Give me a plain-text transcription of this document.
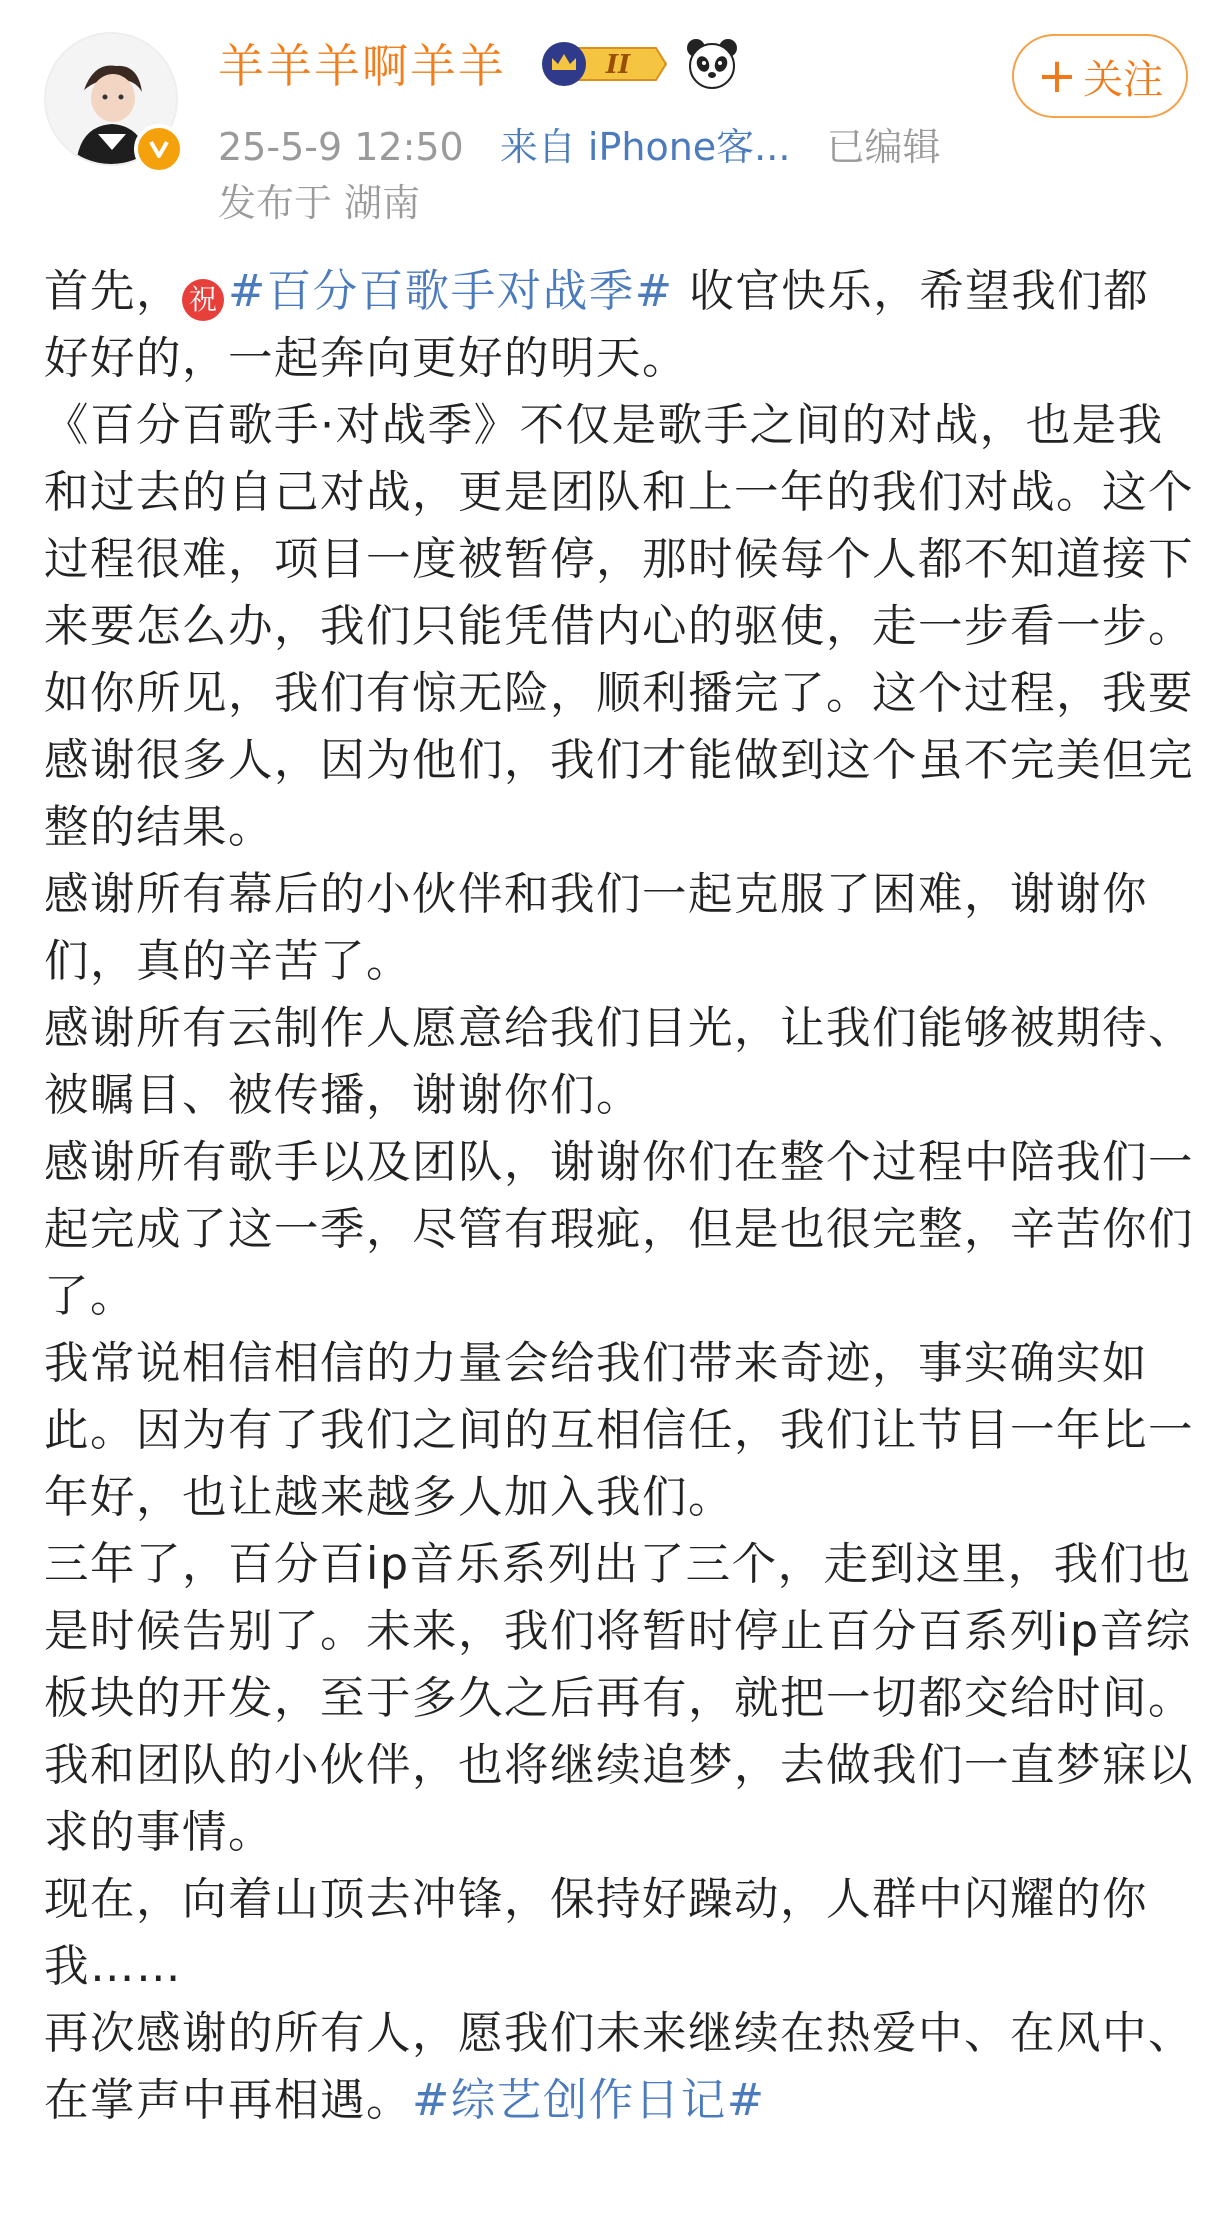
羊羊羊啊羊羊	II
25-5-9 12:50 来自 iPhone客... 已编辑
发布于 湖南
+ 关注

首先， 祝 #百分百歌手对战季# 收官快乐，希望我们都好好的，一起奔向更好的明天。

《百分百歌手·对战季》不仅是歌手之间的对战，也是我和过去的自己对战，更是团队和上一年的我们对战。这个过程很难，项目一度被暂停，那时候每个人都不知道接下来要怎么办，我们只能凭借内心的驱使，走一步看一步。如你所见，我们有惊无险，顺利播完了。这个过程，我要感谢很多人，因为他们，我们才能做到这个虽不完美但完整的结果。

感谢所有幕后的小伙伴和我们一起克服了困难，谢谢你们，真的辛苦了。

感谢所有云制作人愿意给我们目光，让我们能够被期待、被瞩目、被传播，谢谢你们。

感谢所有歌手以及团队，谢谢你们在整个过程中陪我们一起完成了这一季，尽管有瑕疵，但是也很完整，辛苦你们了。

我常说相信相信的力量会给我们带来奇迹，事实确实如此。因为有了我们之间的互相信任，我们让节目一年比一年好，也让越来越多人加入我们。

三年了，百分百ip音乐系列出了三个，走到这里，我们也是时候告别了。未来，我们将暂时停止百分百系列ip音综板块的开发，至于多久之后再有，就把一切都交给时间。我和团队的小伙伴，也将继续追梦，去做我们一直梦寐以求的事情。

现在，向着山顶去冲锋，保持好躁动，人群中闪耀的你我……

再次感谢的所有人，愿我们未来继续在热爱中、在风中、在掌声中再相遇。#综艺创作日记#
